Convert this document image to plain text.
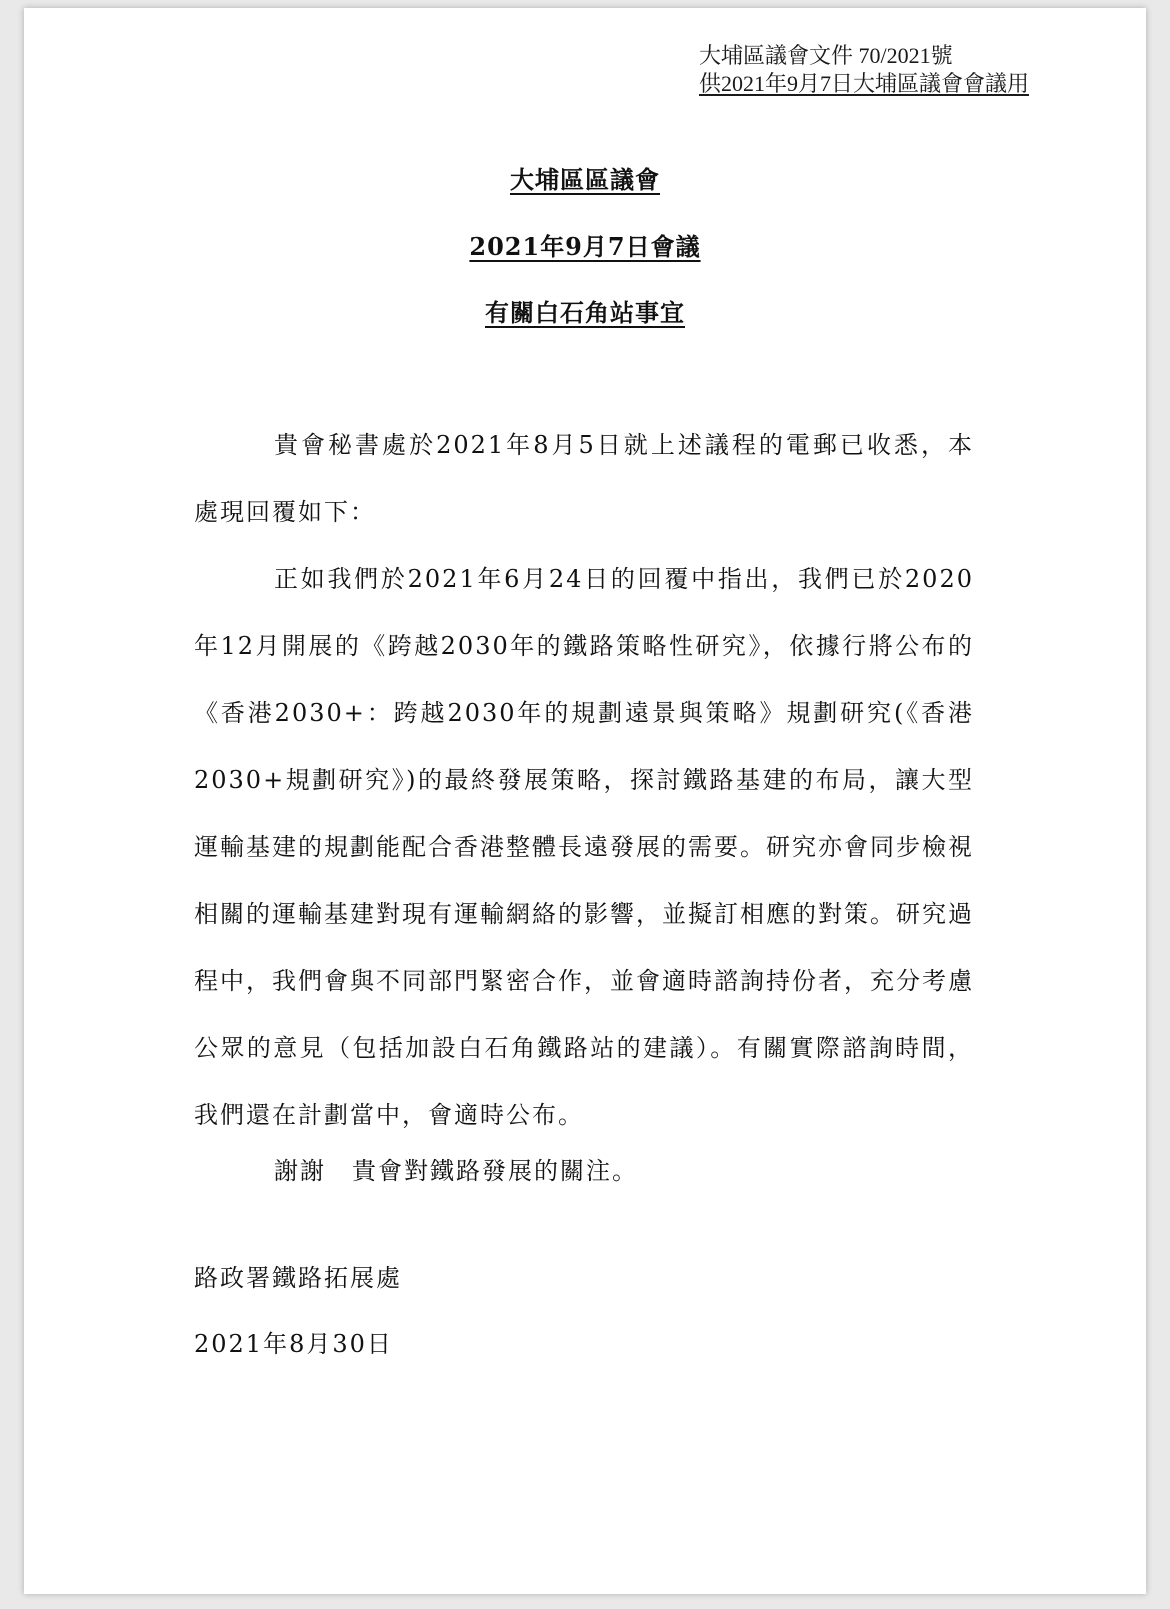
大埔區議會文件 70/2021號
供2021年9月7日大埔區議會會議用
大埔區區議會
2021年9月7日會議
有關白石角站事宜
貴會秘書處於2021年8月5日就上述議程的電郵已收悉，本處現回覆如下：
正如我們於2021年6月24日的回覆中指出，我們已於2020年12月開展的《跨越2030年的鐵路策略性研究》，依據行將公布的《香港2030+：跨越2030年的規劃遠景與策略》規劃研究(《香港2030+規劃研究》)的最終發展策略，探討鐵路基建的布局，讓大型運輸基建的規劃能配合香港整體長遠發展的需要。研究亦會同步檢視相關的運輸基建對現有運輸網絡的影響，並擬訂相應的對策。研究過程中，我們會與不同部門緊密合作，並會適時諮詢持份者，充分考慮公眾的意見（包括加設白石角鐵路站的建議）。有關實際諮詢時間，我們還在計劃當中，會適時公布。
謝謝　貴會對鐵路發展的關注。
路政署鐵路拓展處
2021年8月30日
